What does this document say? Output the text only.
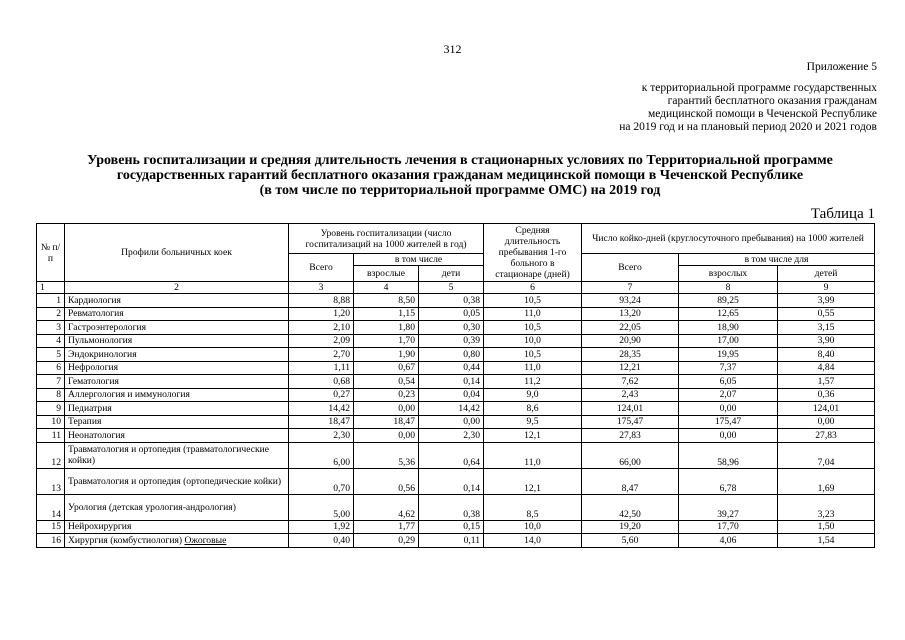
312
Приложение 5
к территориальной программе государственных
гарантий бесплатного оказания гражданам
медицинской помощи в Чеченской Республике
на 2019 год и на плановый период 2020 и 2021 годов
Уровень госпитализации и средняя длительность лечения в стационарных условиях по Территориальной программе
государственных гарантий бесплатного оказания гражданам медицинской помощи в Чеченской Республике
(в том числе по территориальной программе ОМС) на 2019 год
Таблица 1
№ п/п	Профили больничных коек	Уровень госпитализации (число госпитализаций на 1000 жителей в год)			Средняя длительность пребывания 1-го больного в стационаре (дней)	Число койко-дней (круглосуточного пребывания) на 1000 жителей		
		Всего	в том числе			Всего	в том числе для	
			взрослые	дети			взрослых	детей
1	2	3	4	5	6	7	8	9
1	Кардиология	8,88	8,50	0,38	10,5	93,24	89,25	3,99
2	Ревматология	1,20	1,15	0,05	11,0	13,20	12,65	0,55
3	Гастроэнтерология	2,10	1,80	0,30	10,5	22,05	18,90	3,15
4	Пульмонология	2,09	1,70	0,39	10,0	20,90	17,00	3,90
5	Эндокринология	2,70	1,90	0,80	10,5	28,35	19,95	8,40
6	Нефрология	1,11	0,67	0,44	11,0	12,21	7,37	4,84
7	Гематология	0,68	0,54	0,14	11,2	7,62	6,05	1,57
8	Аллергология и иммунология	0,27	0,23	0,04	9,0	2,43	2,07	0,36
9	Педиатрия	14,42	0,00	14,42	8,6	124,01	0,00	124,01
10	Терапия	18,47	18,47	0,00	9,5	175,47	175,47	0,00
11	Неонатология	2,30	0,00	2,30	12,1	27,83	0,00	27,83
12	Травматология и ортопедия (травматологические койки)	6,00	5,36	0,64	11,0	66,00	58,96	7,04
13	Травматология и ортопедия (ортопедические койки)	0,70	0,56	0,14	12,1	8,47	6,78	1,69
14	Урология (детская урология-андрология)	5,00	4,62	0,38	8,5	42,50	39,27	3,23
15	Нейрохирургия	1,92	1,77	0,15	10,0	19,20	17,70	1,50
16	Хирургия (комбустиология) Ожоговые	0,40	0,29	0,11	14,0	5,60	4,06	1,54
